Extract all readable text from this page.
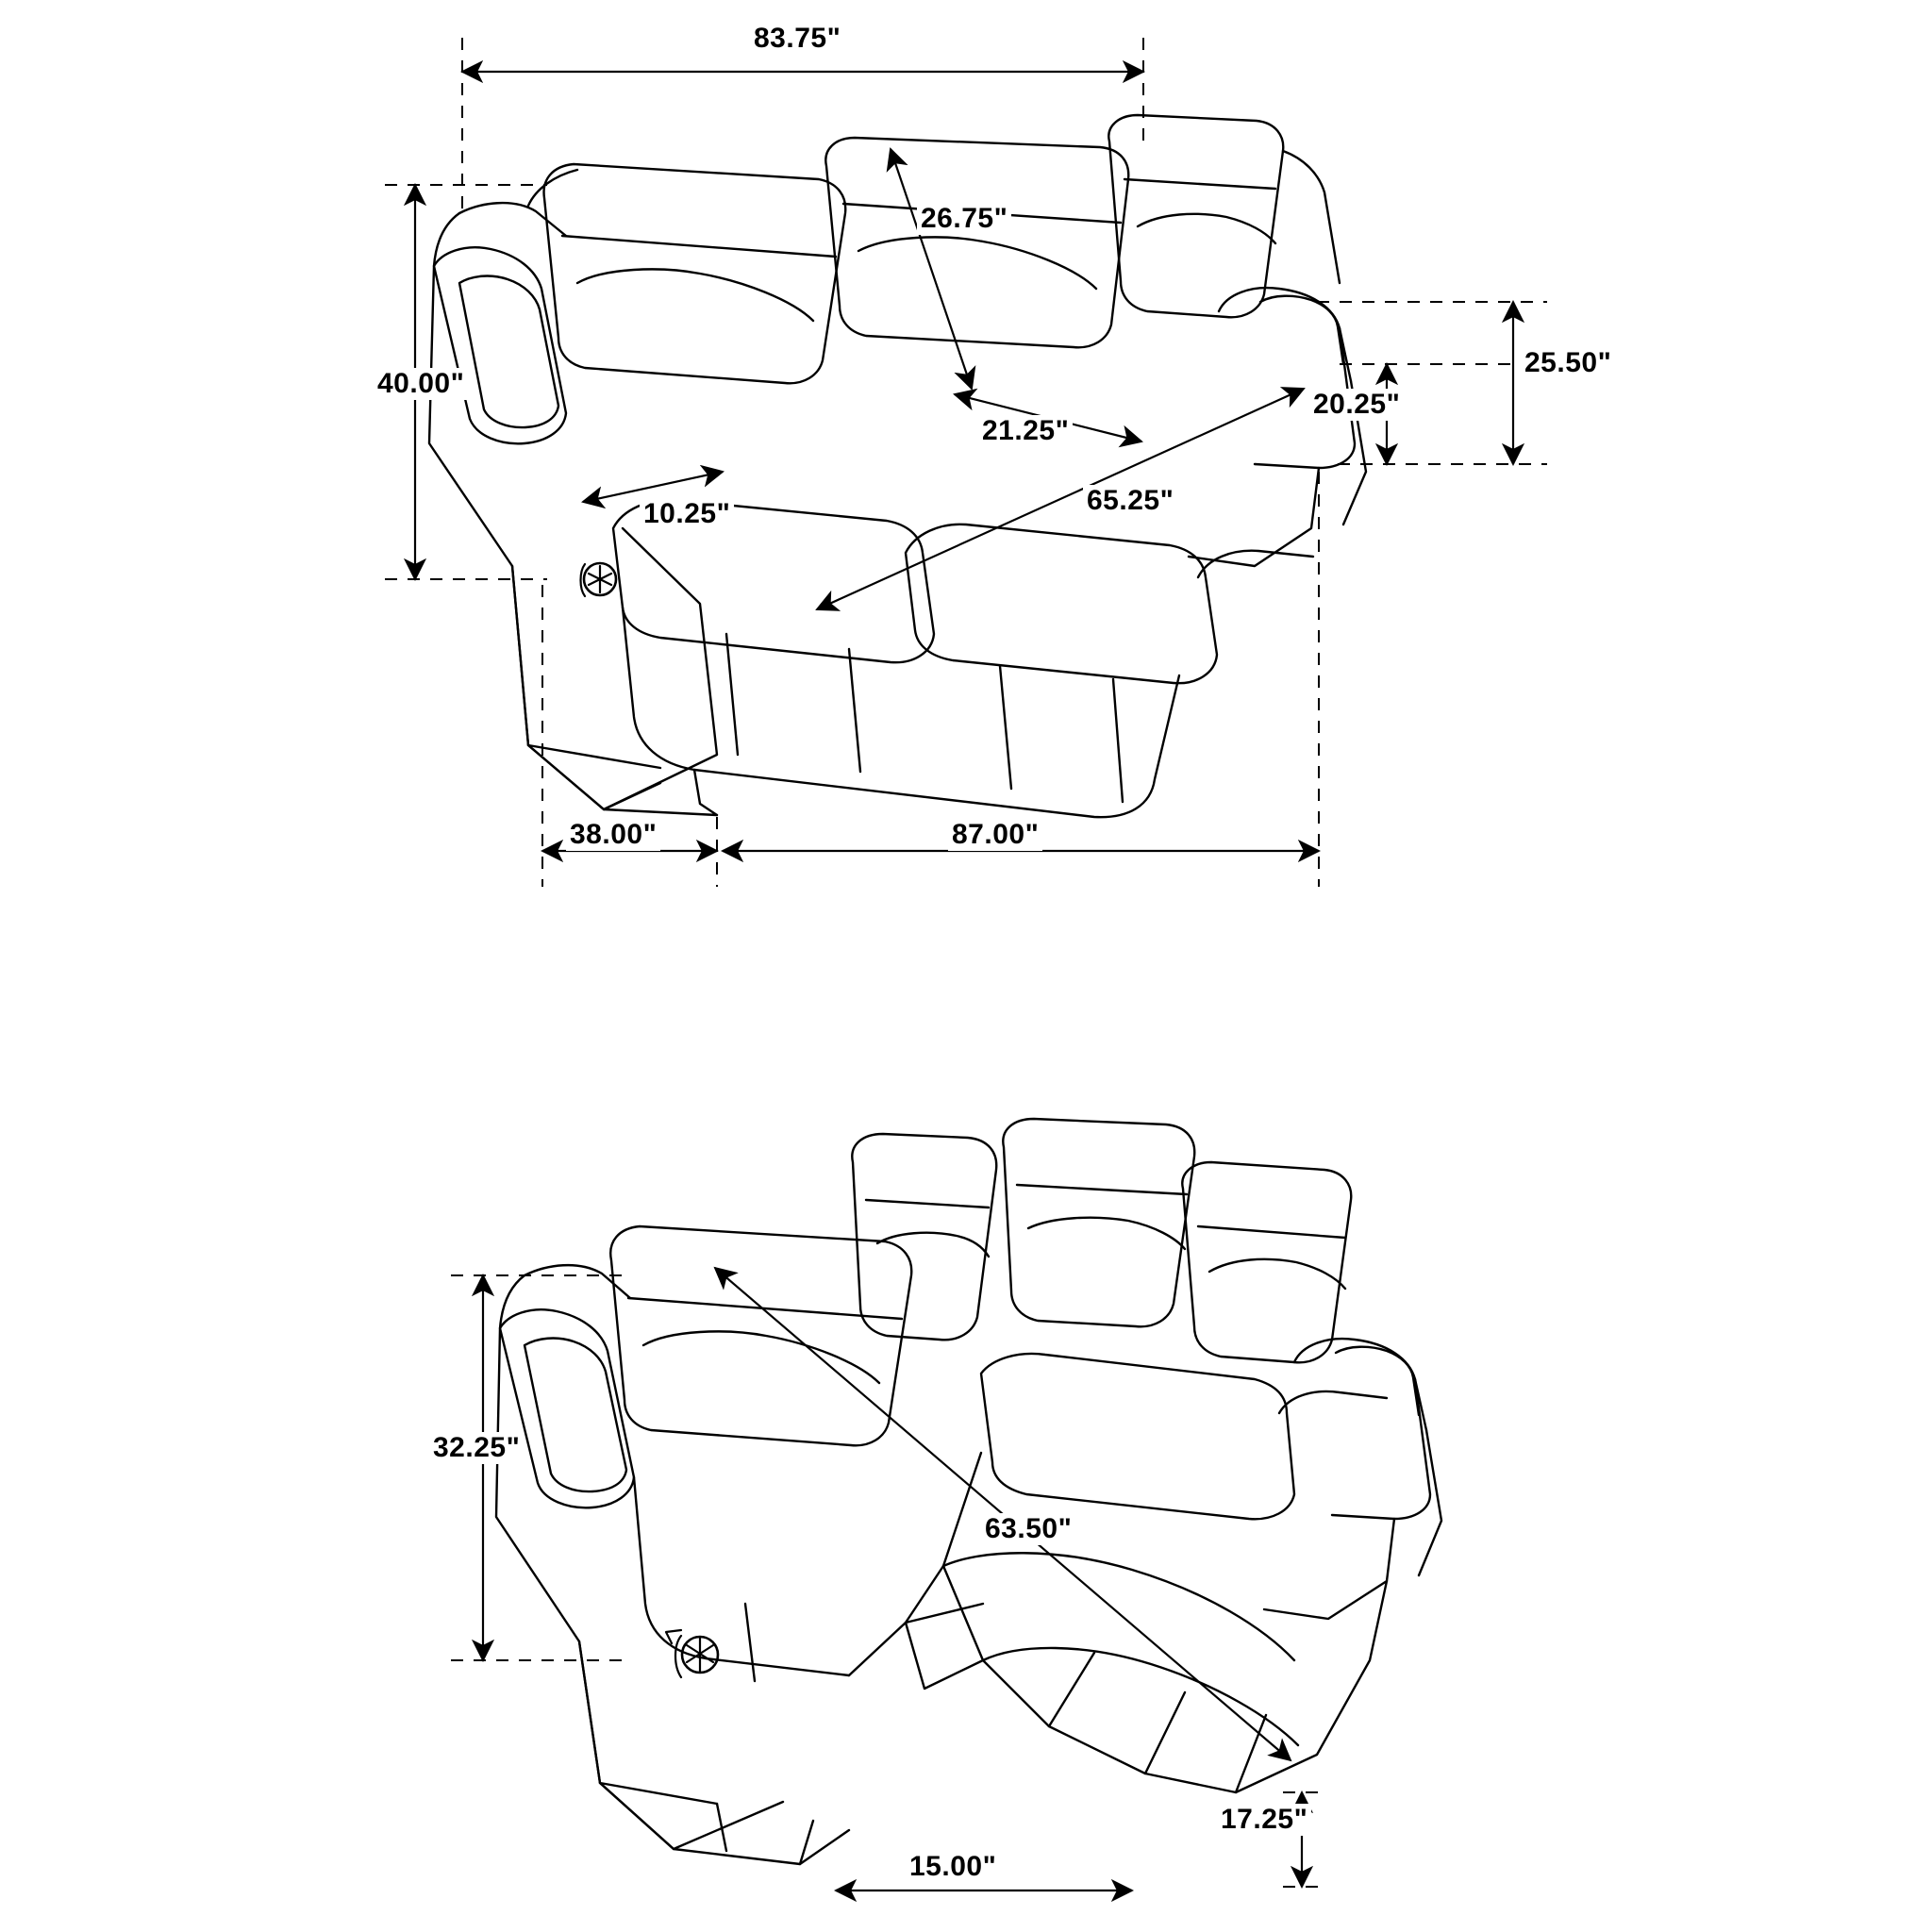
83.75"
26.75"
40.00"
21.25"
10.25"	65.25"
25.50"
20.25"
38.00"	87.00"
32.25"
63.50"
17.25"
15.00"
